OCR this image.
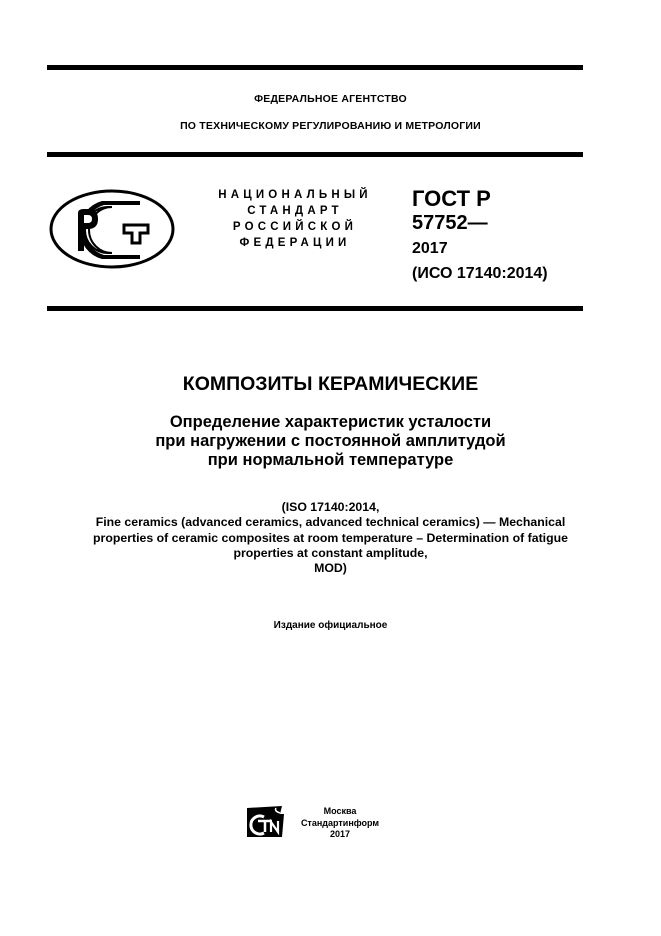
ФЕДЕРАЛЬНОЕ АГЕНТСТВО
ПО ТЕХНИЧЕСКОМУ РЕГУЛИРОВАНИЮ И МЕТРОЛОГИИ
НАЦИОНАЛЬНЫЙ
СТАНДАРТ
РОССИЙСКОЙ
ФЕДЕРАЦИИ
ГОСТ Р
57752—
2017
(ИСО 17140:2014)
КОМПОЗИТЫ КЕРАМИЧЕСКИЕ
Определение характеристик усталости
при нагружении с постоянной амплитудой
при нормальной температуре
(ISO 17140:2014,
Fine ceramics (advanced ceramics, advanced technical ceramics) — Mechanical
properties of ceramic composites at room temperature – Determination of fatigue
properties at constant amplitude,
MOD)
Издание официальное
Москва
Стандартинформ
2017
